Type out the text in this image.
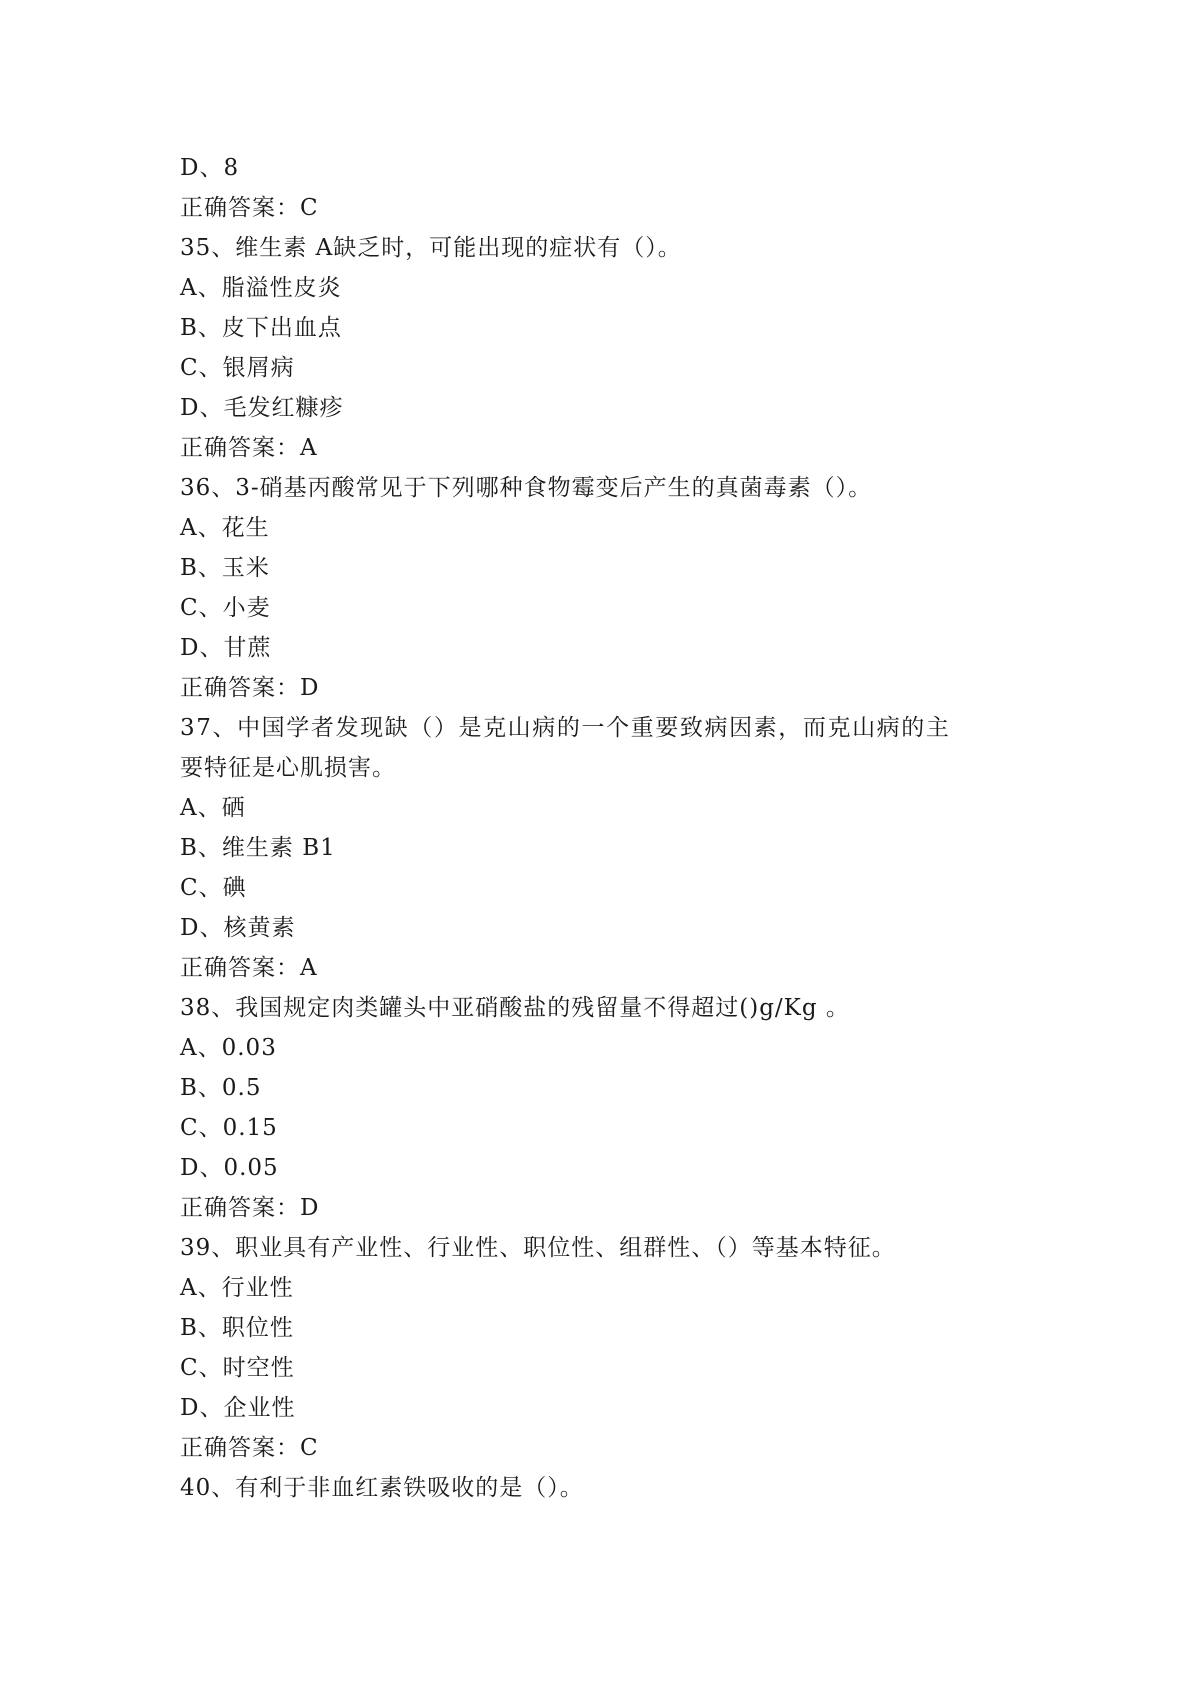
D、8
正确答案：C
35、维生素 A缺乏时，可能出现的症状有（）。
A、脂溢性皮炎
B、皮下出血点
C、银屑病
D、毛发红糠疹
正确答案：A
36、3-硝基丙酸常见于下列哪种食物霉变后产生的真菌毒素（）。
A、花生
B、玉米
C、小麦
D、甘蔗
正确答案：D
37、中国学者发现缺（）是克山病的一个重要致病因素，而克山病的主
要特征是心肌损害。
A、硒
B、维生素 B1
C、碘
D、核黄素
正确答案：A
38、我国规定肉类罐头中亚硝酸盐的残留量不得超过()g/Kg 。
A、0.03
B、0.5
C、0.15
D、0.05
正确答案：D
39、职业具有产业性、行业性、职位性、组群性、（）等基本特征。
A、行业性
B、职位性
C、时空性
D、企业性
正确答案：C
40、有利于非血红素铁吸收的是（）。
